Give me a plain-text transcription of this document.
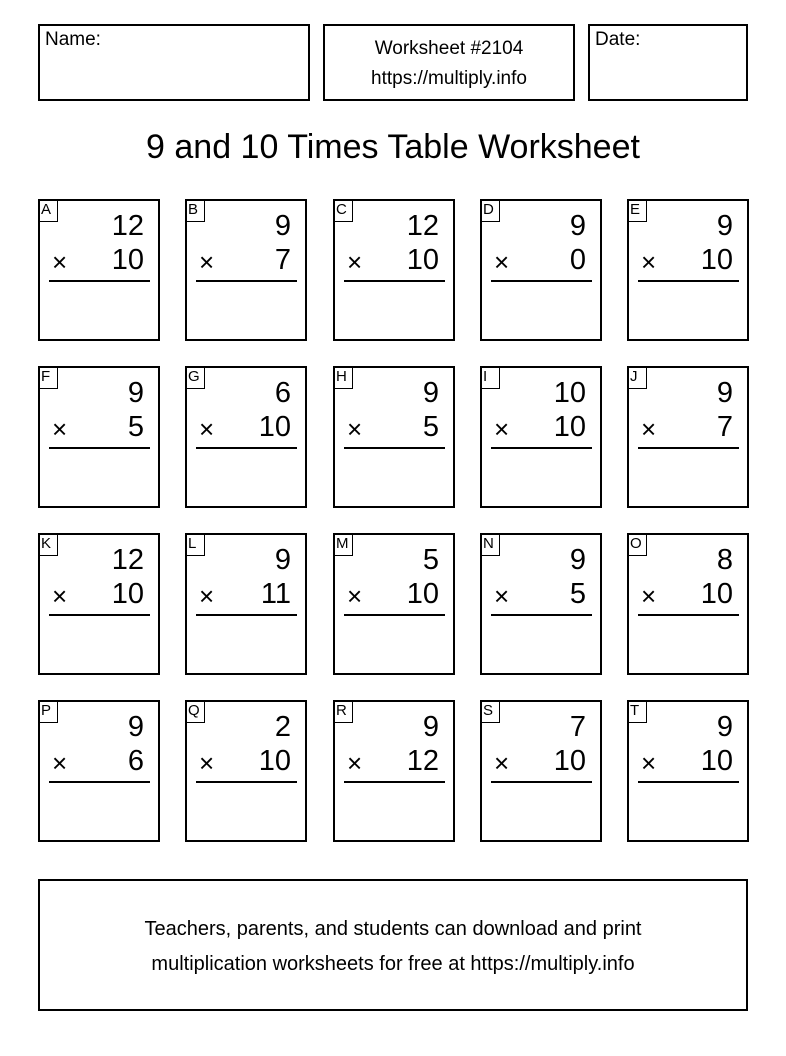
Name:	Worksheet #2104
https://multiply.info
Date:
9 and 10 Times Table Worksheet
A
12
× 10
B
9
× 7
C
12
× 10
D
9
× 0
E
9
× 10
F
9
× 5
G
6
× 10
H
9
× 5
I
10
× 10
J
9
× 7
K
12
× 10
L
9
× 11
M
5
× 10
N
9
× 5
O
8
× 10
P
9
× 6
Q
2
× 10
R
9
× 12
S
7
× 10
T
9
× 10
Teachers, parents, and students can download and print
multiplication worksheets for free at https://multiply.info
